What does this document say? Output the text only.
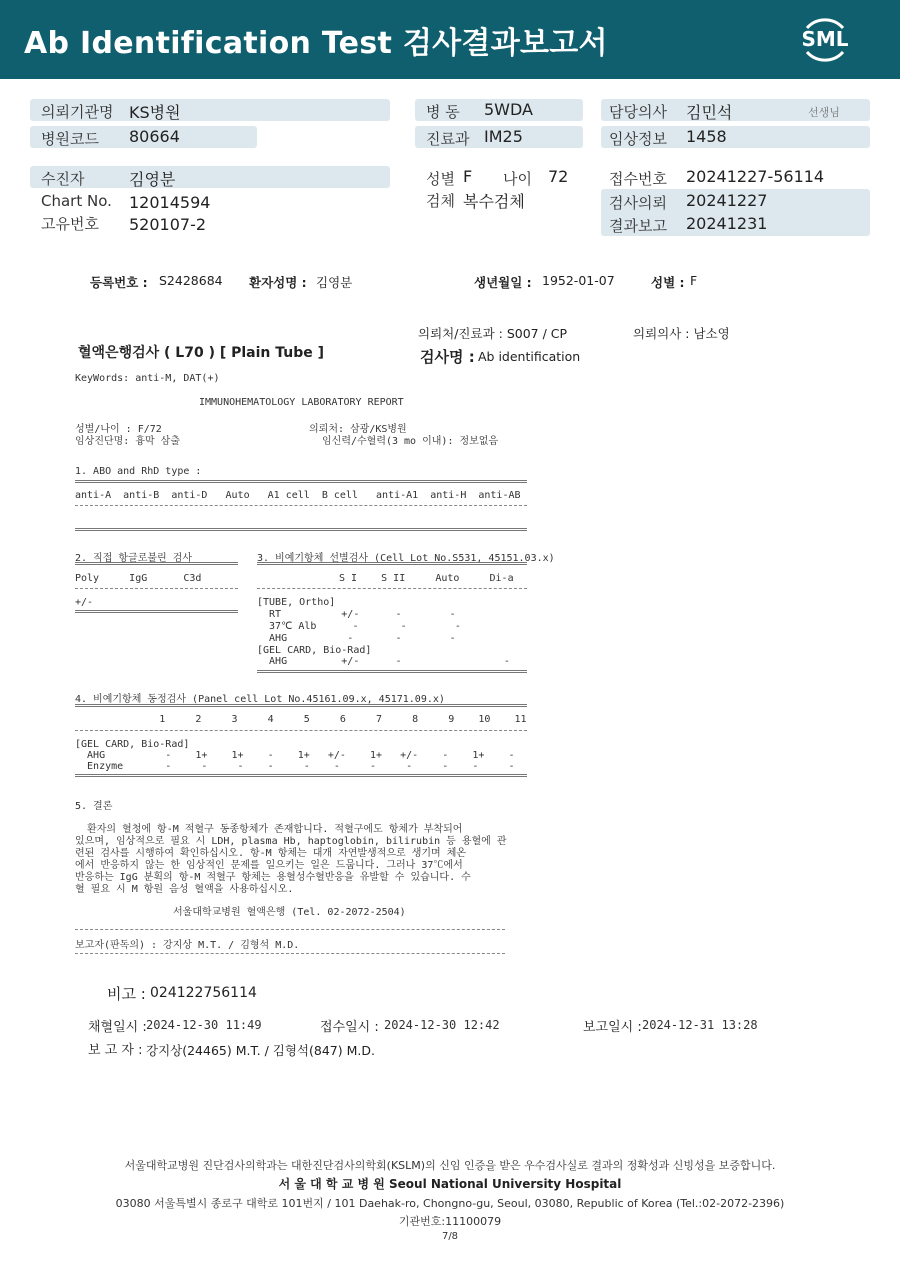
Ab Identification Test 검사결과보고서	SML
의뢰기관명 KS병원
병원코드 80664
병 동 5WDA
진료과 IM25
담당의사 김민석	선생님
임상정보 1458
수진자	김영분
Chart No. 12014594
고유번호 520107-2
성별 F 나이 72
검체 복수검체
접수번호 20241227-56114
검사의뢰 20241227
결과보고 20241231
등록번호 : S2428684 환자성명 : 김영분	생년월일 : 1952-01-07	성별 : F
의뢰처/진료과 : S007 / CP	의뢰의사 : 남소영
혈액은행검사 ( L70 ) [ Plain Tube ]	검사명 : Ab identification
KeyWords: anti-M, DAT(+)
IMMUNOHEMATOLOGY LABORATORY REPORT
성별/나이 : F/72
임상진단명: 흉막 삼출
의뢰처: 삼광/KS병원
임신력/수혈력(3 mo 이내): 정보없음
1. ABO and RhD type :
anti-A  anti-B  anti-D   Auto   A1 cell  B cell   anti-A1  anti-H  anti-AB
2. 직접 항글로불린 검사
Poly     IgG      C3d
+/-
3. 비예기항체 선별검사 (Cell Lot No.S531, 45151.03.x)
S I    S II     Auto     Di-a
[TUBE, Ortho]
RT          +/-      -        -
37℃ Alb      -       -        -
AHG          -       -        -
[GEL CARD, Bio-Rad]
AHG         +/-      -                 -
4. 비예기항체 동정검사 (Panel cell Lot No.45161.09.x, 45171.09.x)
1     2     3     4     5     6     7     8     9    10    11
[GEL CARD, Bio-Rad]
AHG          -    1+    1+    -    1+   +/-    1+   +/-    -    1+    -
Enzyme       -     -     -    -     -    -     -     -     -    -     -
5. 결론
환자의 혈청에 항-M 적혈구 동종항체가 존재합니다. 적혈구에도 항체가 부착되어
있으며, 임상적으로 필요 시 LDH, plasma Hb, haptoglobin, bilirubin 등 용혈에 관
련된 검사를 시행하여 확인하십시오. 항-M 항체는 대개 자연발생적으로 생기며 체온
에서 반응하지 않는 한 임상적인 문제를 일으키는 일은 드뭅니다. 그러나 37℃에서
반응하는 IgG 분획의 항-M 적혈구 항체는 용혈성수혈반응을 유발할 수 있습니다. 수
혈 필요 시 M 항원 음성 혈액을 사용하십시오.
서울대학교병원 혈액은행 (Tel. 02-2072-2504)
보고자(판독의) : 강지상 M.T. / 김형석 M.D.
비고 : 024122756114
채혈일시 : 2024-12-30 11:49	접수일시 : 2024-12-30 12:42	보고일시 : 2024-12-31 13:28
보 고 자 : 강지상(24465) M.T. / 김형석(847) M.D.
서울대학교병원 진단검사의학과는 대한진단검사의학회(KSLM)의 신임 인증을 받은 우수검사실로 결과의 정확성과 신빙성을 보증합니다.
서 울 대 학 교 병 원 Seoul National University Hospital
03080 서울특별시 종로구 대학로 101번지 / 101 Daehak-ro, Chongno-gu, Seoul, 03080, Republic of Korea (Tel.:02-2072-2396)
기관번호:11100079
7/8
